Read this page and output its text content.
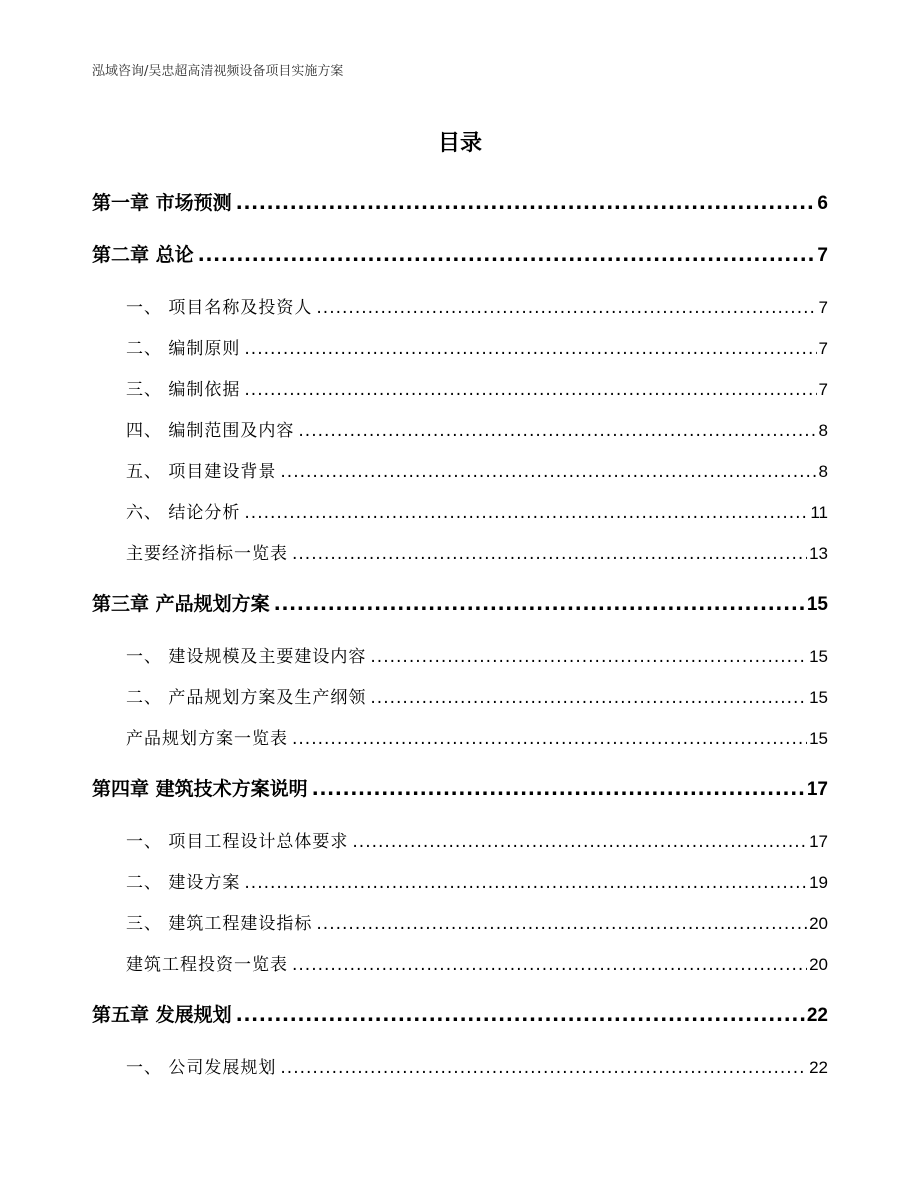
泓域咨询/吴忠超高清视频设备项目实施方案
目录
第一章 市场预测 .....	6
第二章 总论 .....	7
一、 项目名称及投资人 .....	7
二、 编制原则 .....	7
三、 编制依据 .....	7
四、 编制范围及内容 .....	8
五、 项目建设背景 .....	8
六、 结论分析 .....	11
主要经济指标一览表 .....	13
第三章 产品规划方案 .....	15
一、 建设规模及主要建设内容 .....	15
二、 产品规划方案及生产纲领 .....	15
产品规划方案一览表 .....	15
第四章 建筑技术方案说明 .....	17
一、 项目工程设计总体要求 .....	17
二、 建设方案 .....	19
三、 建筑工程建设指标 .....	20
建筑工程投资一览表 .....	20
第五章 发展规划 .....	22
一、 公司发展规划 .....	22
